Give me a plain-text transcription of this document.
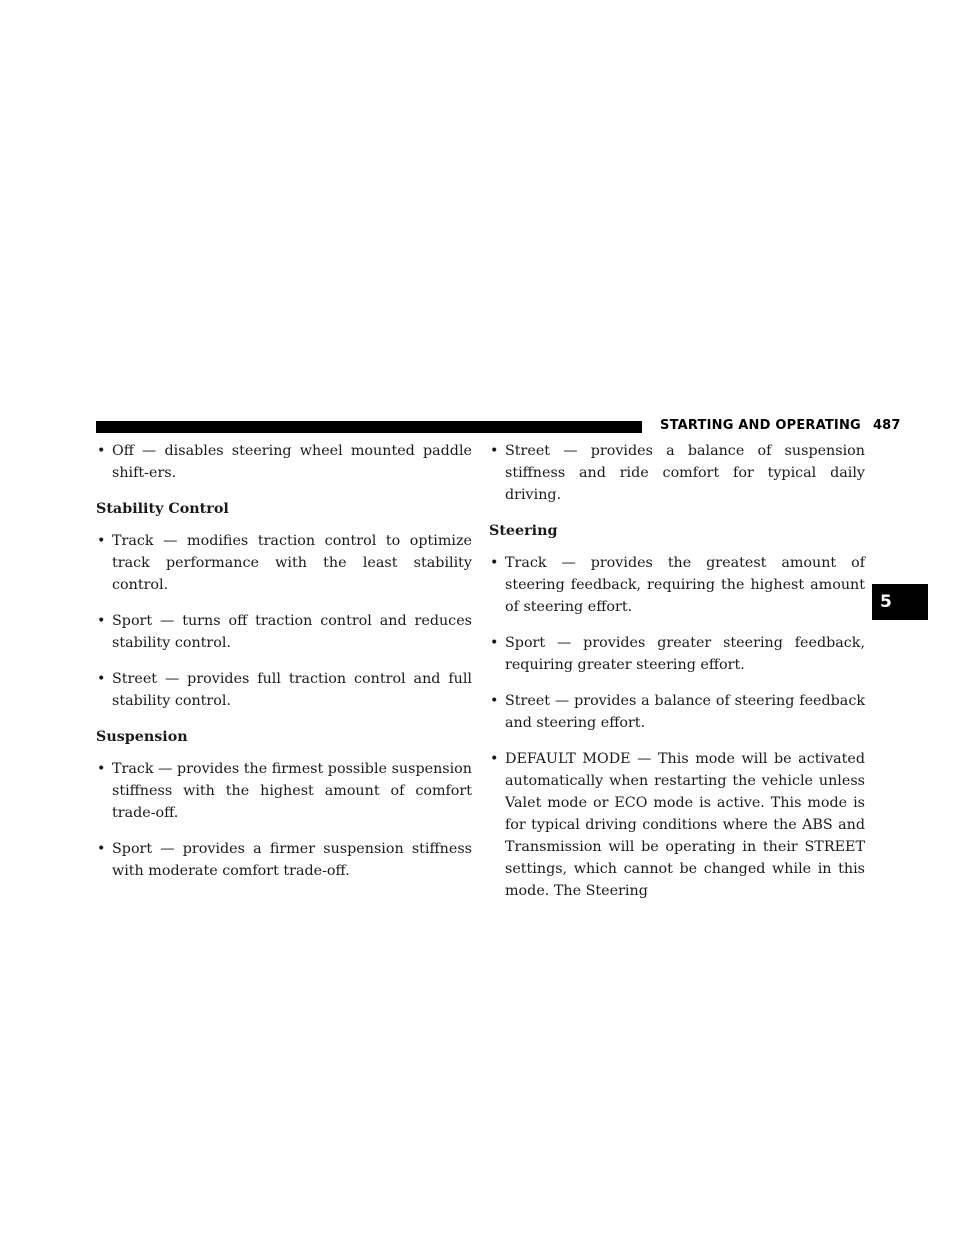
STARTING AND OPERATING 487
5
• Off — disables steering wheel mounted paddle shift-ers.
Stability Control
• Track — modifies traction control to optimize track performance with the least stability control.
• Sport — turns off traction control and reduces stability control.
• Street — provides full traction control and full stability control.
Suspension
• Track — provides the firmest possible suspension stiffness with the highest amount of comfort trade-off.
• Sport — provides a firmer suspension stiffness with moderate comfort trade-off.
• Street — provides a balance of suspension stiffness and ride comfort for typical daily driving.
Steering
• Track — provides the greatest amount of steering feedback, requiring the highest amount of steering effort.
• Sport — provides greater steering feedback, requiring greater steering effort.
• Street — provides a balance of steering feedback and steering effort.
• DEFAULT MODE — This mode will be activated automatically when restarting the vehicle unless Valet mode or ECO mode is active. This mode is for typical driving conditions where the ABS and Transmission will be operating in their STREET settings, which cannot be changed while in this mode. The Steering
